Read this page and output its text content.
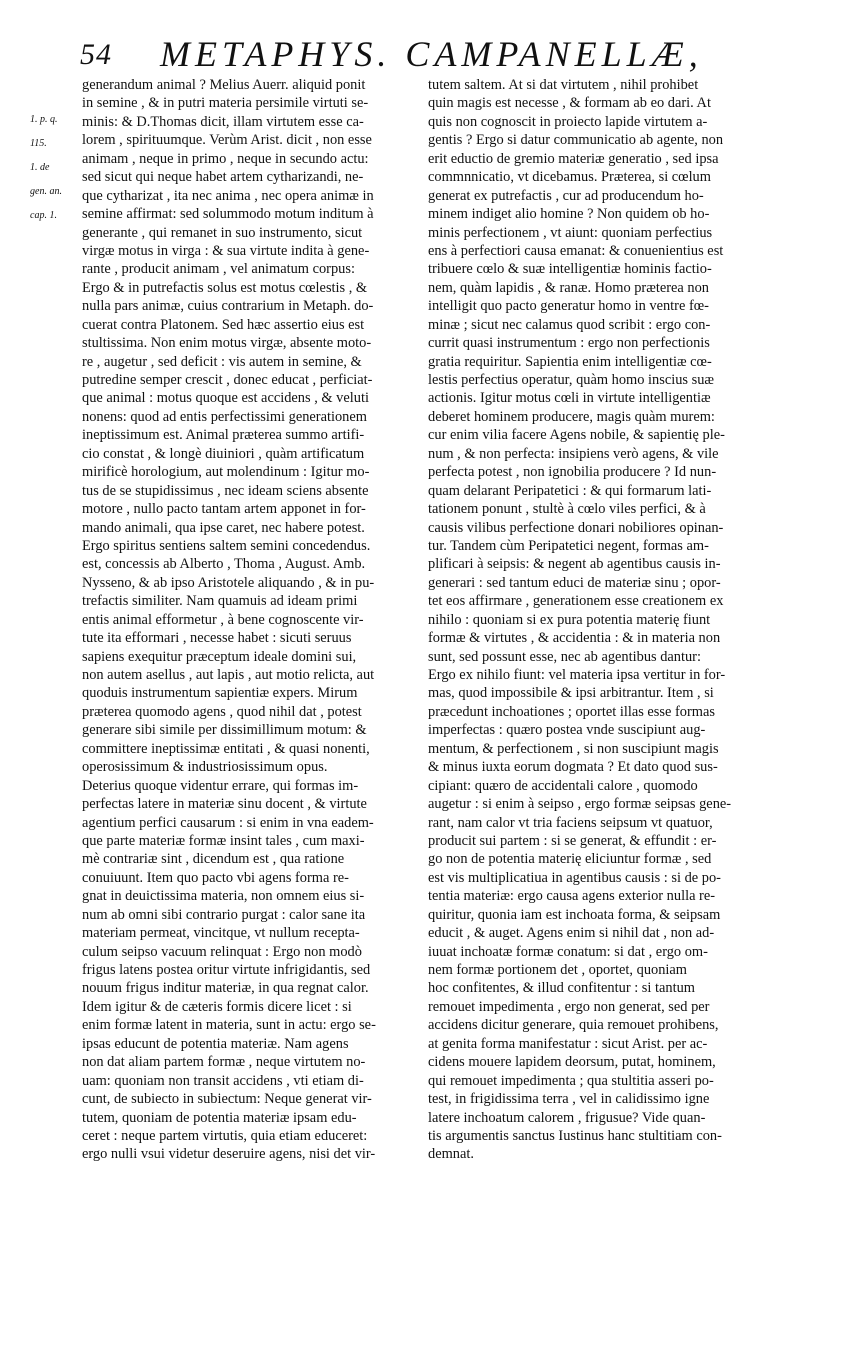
54 METAPHYS. CAMPANELLÆ,
1. p. q.
115.
1. de
gen. an.
cap. 1.
generandum animal ? Melius Auerr. aliquid ponit
in semine , & in putri materia persimile virtuti se-
minis: & D.Thomas dicit, illam virtutem esse ca-
lorem , spirituumque. Verùm Arist. dicit , non esse
animam , neque in primo , neque in secundo actu:
sed sicut qui neque habet artem cytharizandi, ne-
que cytharizat , ita nec anima , nec opera animæ in
semine affirmat: sed solummodo motum inditum à
generante , qui remanet in suo instrumento, sicut
virgæ motus in virga : & sua virtute indita à gene-
rante , producit animam , vel animatum corpus:
Ergo & in putrefactis solus est motus cœlestis , &
nulla pars animæ, cuius contrarium in Metaph. do-
cuerat contra Platonem. Sed hæc assertio eius est
stultissima. Non enim motus virgæ, absente moto-
re , augetur , sed deficit : vis autem in semine, &
putredine semper crescit , donec educat , perficiat-
que animal : motus quoque est accidens , & veluti
nonens: quod ad entis perfectissimi generationem
ineptissimum est. Animal præterea summo artifi-
cio constat , & longè diuiniori , quàm artificatum
mirificè horologium, aut molendinum : Igitur mo-
tus de se stupidissimus , nec ideam sciens absente
motore , nullo pacto tantam artem apponet in for-
mando animali, qua ipse caret, nec habere potest.
Ergo spiritus sentiens saltem semini concedendus.
est, concessis ab Alberto , Thoma , August. Amb.
Nysseno, & ab ipso Aristotele aliquando , & in pu-
trefactis similiter. Nam quamuis ad ideam primi
entis animal efformetur , à bene cognoscente vir-
tute ita efformari , necesse habet : sicuti seruus
sapiens exequitur præceptum ideale domini sui,
non autem asellus , aut lapis , aut motio relicta, aut
quoduis instrumentum sapientiæ expers. Mirum
præterea quomodo agens , quod nihil dat , potest
generare sibi simile per dissimillimum motum: &
committere ineptissimæ entitati , & quasi nonenti,
operosissimum & industriosissimum opus.
Deterius quoque videntur errare, qui formas im-
perfectas latere in materiæ sinu docent , & virtute
agentium perfici causarum : si enim in vna eadem-
que parte materiæ formæ insint tales , cum maxi-
mè contrariæ sint , dicendum est , qua ratione
conuiuunt. Item quo pacto vbi agens forma re-
gnat in deuictissima materia, non omnem eius si-
num ab omni sibi contrario purgat : calor sane ita
materiam permeat, vincitque, vt nullum recepta-
culum seipso vacuum relinquat : Ergo non modò
frigus latens postea oritur virtute infrigidantis, sed
nouum frigus inditur materiæ, in qua regnat calor.
Idem igitur & de cæteris formis dicere licet : si
enim formæ latent in materia, sunt in actu: ergo se-
ipsas educunt de potentia materiæ. Nam agens
non dat aliam partem formæ , neque virtutem no-
uam: quoniam non transit accidens , vti etiam di-
cunt, de subiecto in subiectum: Neque generat vir-
tutem, quoniam de potentia materiæ ipsam edu-
ceret : neque partem virtutis, quia etiam educeret:
ergo nulli vsui videtur deseruire agens, nisi det vir-
tutem saltem. At si dat virtutem , nihil prohibet
quin magis est necesse , & formam ab eo dari. At
quis non cognoscit in proiecto lapide virtutem a-
gentis ? Ergo si datur communicatio ab agente, non
erit eductio de gremio materiæ generatio , sed ipsa
commnnicatio, vt dicebamus. Præterea, si cœlum
generat ex putrefactis , cur ad producendum ho-
minem indiget alio homine ? Non quidem ob ho-
minis perfectionem , vt aiunt: quoniam perfectius
ens à perfectiori causa emanat: & conuenientius est
tribuere cœlo & suæ intelligentiæ hominis factio-
nem, quàm lapidis , & ranæ. Homo præterea non
intelligit quo pacto generatur homo in ventre fœ-
minæ ; sicut nec calamus quod scribit : ergo con-
currit quasi instrumentum : ergo non perfectionis
gratia requiritur. Sapientia enim intelligentiæ cœ-
lestis perfectius operatur, quàm homo inscius suæ
actionis. Igitur motus cœli in virtute intelligentiæ
deberet hominem producere, magis quàm murem:
cur enim vilia facere Agens nobile, & sapientię ple-
num , & non perfecta: insipiens verò agens, & vile
perfecta potest , non ignobilia producere ? Id nun-
quam delarant Peripatetici : & qui formarum lati-
tationem ponunt , stultè à cœlo viles perfici, & à
causis vilibus perfectione donari nobiliores opinan-
tur. Tandem cùm Peripatetici negent, formas am-
plificari à seipsis: & negent ab agentibus causis in-
generari : sed tantum educi de materiæ sinu ; opor-
tet eos affirmare , generationem esse creationem ex
nihilo : quoniam si ex pura potentia materię fiunt
formæ & virtutes , & accidentia : & in materia non
sunt, sed possunt esse, nec ab agentibus dantur:
Ergo ex nihilo fiunt: vel materia ipsa vertitur in for-
mas, quod impossibile & ipsi arbitrantur. Item , si
præcedunt inchoationes ; oportet illas esse formas
imperfectas : quæro postea vnde suscipiunt aug-
mentum, & perfectionem , si non suscipiunt magis
& minus iuxta eorum dogmata ? Et dato quod sus-
cipiant: quæro de accidentali calore , quomodo
augetur : si enim à seipso , ergo formæ seipsas gene-
rant, nam calor vt tria faciens seipsum vt quatuor,
producit sui partem : si se generat, & effundit : er-
go non de potentia materię eliciuntur formæ , sed
est vis multiplicatiua in agentibus causis : si de po-
tentia materiæ: ergo causa agens exterior nulla re-
quiritur, quonia iam est inchoata forma, & seipsam
educit , & auget. Agens enim si nihil dat , non ad-
iuuat inchoatæ formæ conatum: si dat , ergo om-
nem formæ portionem det , oportet, quoniam
hoc confitentes, & illud confitentur : si tantum
remouet impedimenta , ergo non generat, sed per
accidens dicitur generare, quia remouet prohibens,
at genita forma manifestatur : sicut Arist. per ac-
cidens mouere lapidem deorsum, putat, hominem,
qui remouet impedimenta ; qua stultitia asseri po-
test, in frigidissima terra , vel in calidissimo igne
latere inchoatum calorem , frigusue? Vide quan-
tis argumentis sanctus Iustinus hanc stultitiam con-
demnat.
